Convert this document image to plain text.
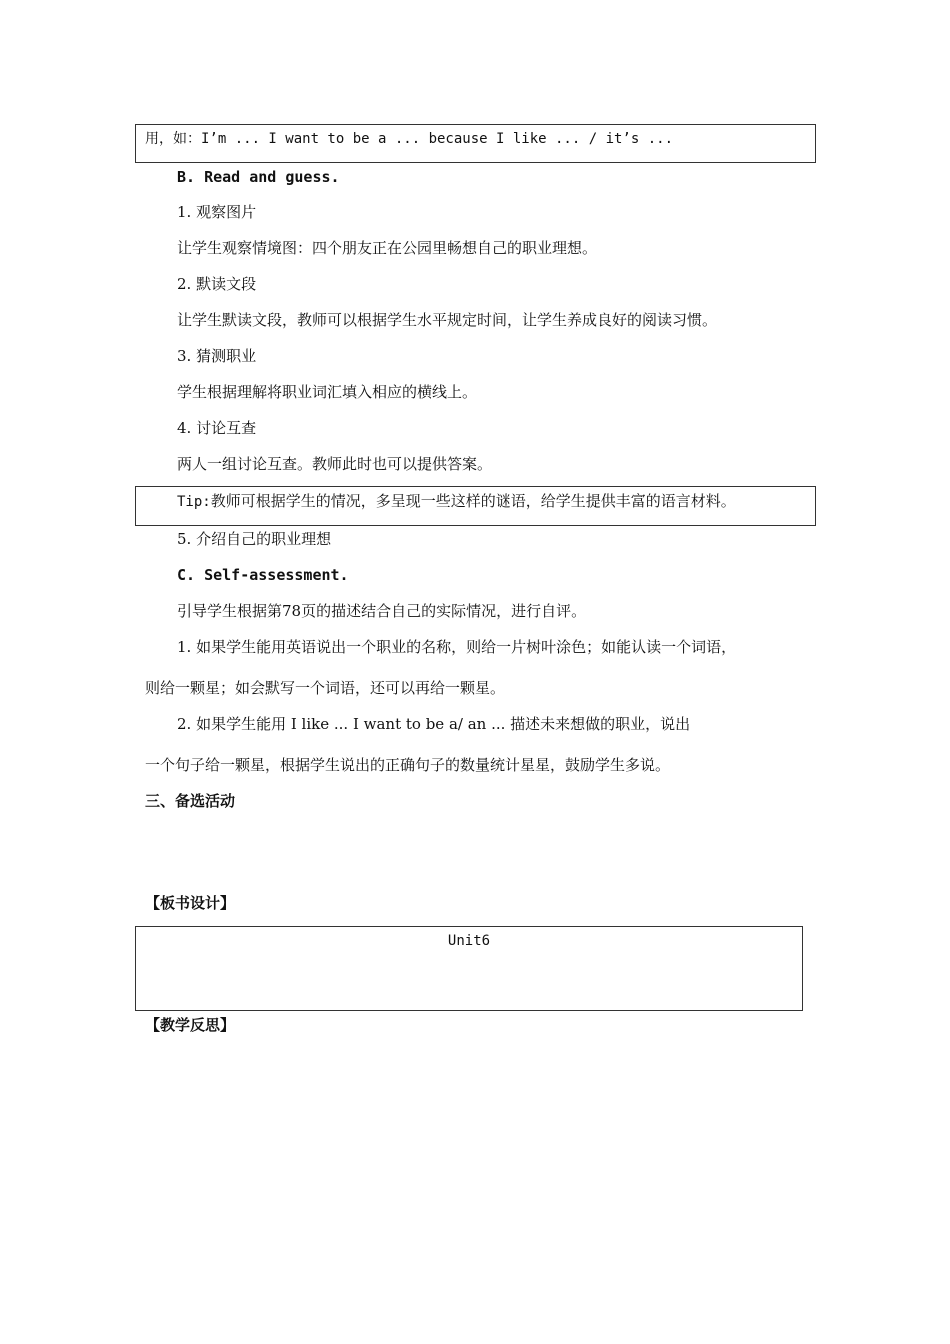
用，如：I’m ... I want to be a ... because I like ... / it’s ...
B. Read and guess.
1. 观察图片
让学生观察情境图：四个朋友正在公园里畅想自己的职业理想。
2. 默读文段
让学生默读文段，教师可以根据学生水平规定时间，让学生养成良好的阅读习惯。
3. 猜测职业
学生根据理解将职业词汇填入相应的横线上。
4. 讨论互查
两人一组讨论互查。教师此时也可以提供答案。
Tip:教师可根据学生的情况，多呈现一些这样的谜语，给学生提供丰富的语言材料。
5. 介绍自己的职业理想
C. Self-assessment.
引导学生根据第78页的描述结合自己的实际情况，进行自评。
1. 如果学生能用英语说出一个职业的名称，则给一片树叶涂色；如能认读一个词语，
则给一颗星；如会默写一个词语，还可以再给一颗星。
2. 如果学生能用 I like ... I want to be a/ an ... 描述未来想做的职业，说出
一个句子给一颗星，根据学生说出的正确句子的数量统计星星，鼓励学生多说。
三、备选活动
【板书设计】
Unit6
【教学反思】
